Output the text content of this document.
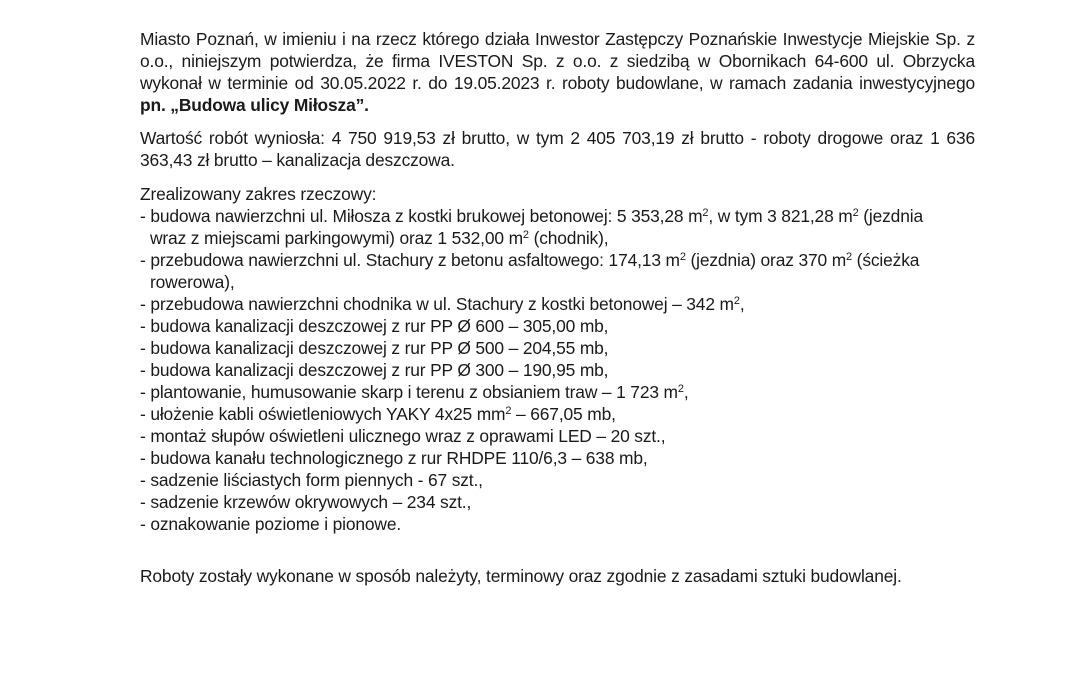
Miasto Poznań, w imieniu i na rzecz którego działa Inwestor Zastępczy Poznańskie Inwestycje Miejskie Sp. z o.o., niniejszym potwierdza, że firma IVESTON Sp. z o.o. z siedzibą w Obornikach 64-600 ul. Obrzycka wykonał w terminie od 30.05.2022 r. do 19.05.2023 r. roboty budowlane, w ramach zadania inwestycyjnego pn. „Budowa ulicy Miłosza”.

Wartość robót wyniosła: 4 750 919,53 zł brutto, w tym 2 405 703,19 zł brutto - roboty drogowe oraz 1 636 363,43 zł brutto – kanalizacja deszczowa.

Zrealizowany zakres rzeczowy:

- budowa nawierzchni ul. Miłosza z kostki brukowej betonowej: 5 353,28 $m^2$, w tym 3 821,28 $m^2$ (jezdnia wraz z miejscami parkingowymi) oraz 1 532,00 $m^2$ (chodnik),
- przebudowa nawierzchni ul. Stachury z betonu asfaltowego: 174,13 $m^2$ (jezdnia) oraz 370 $m^2$ (ścieżka rowerowa),
- przebudowa nawierzchni chodnika w ul. Stachury z kostki betonowej – 342 $m^2$,
- budowa kanalizacji deszczowej z rur PP Ø 600 – 305,00 mb,
- budowa kanalizacji deszczowej z rur PP Ø 500 – 204,55 mb,
- budowa kanalizacji deszczowej z rur PP Ø 300 – 190,95 mb,
- plantowanie, humusowanie skarp i terenu z obsianiem traw – 1 723 $m^2$,
- ułożenie kabli oświetleniowych YAKY 4x25 $mm^2 - 667,05$ mb,
- montaż słupów oświetleni ulicznego wraz z oprawami LED – 20 szt.,
- budowa kanału technologicznego z rur RHDPE 110/6,3 – 638 mb,
- sadzenie liściastych form piennych - 67 szt.,
- sadzenie krzewów okrywowych – 234 szt.,
- oznakowanie poziome i pionowe.

Roboty zostały wykonane w sposób należyty, terminowy oraz zgodnie z zasadami sztuki budowlanej.
